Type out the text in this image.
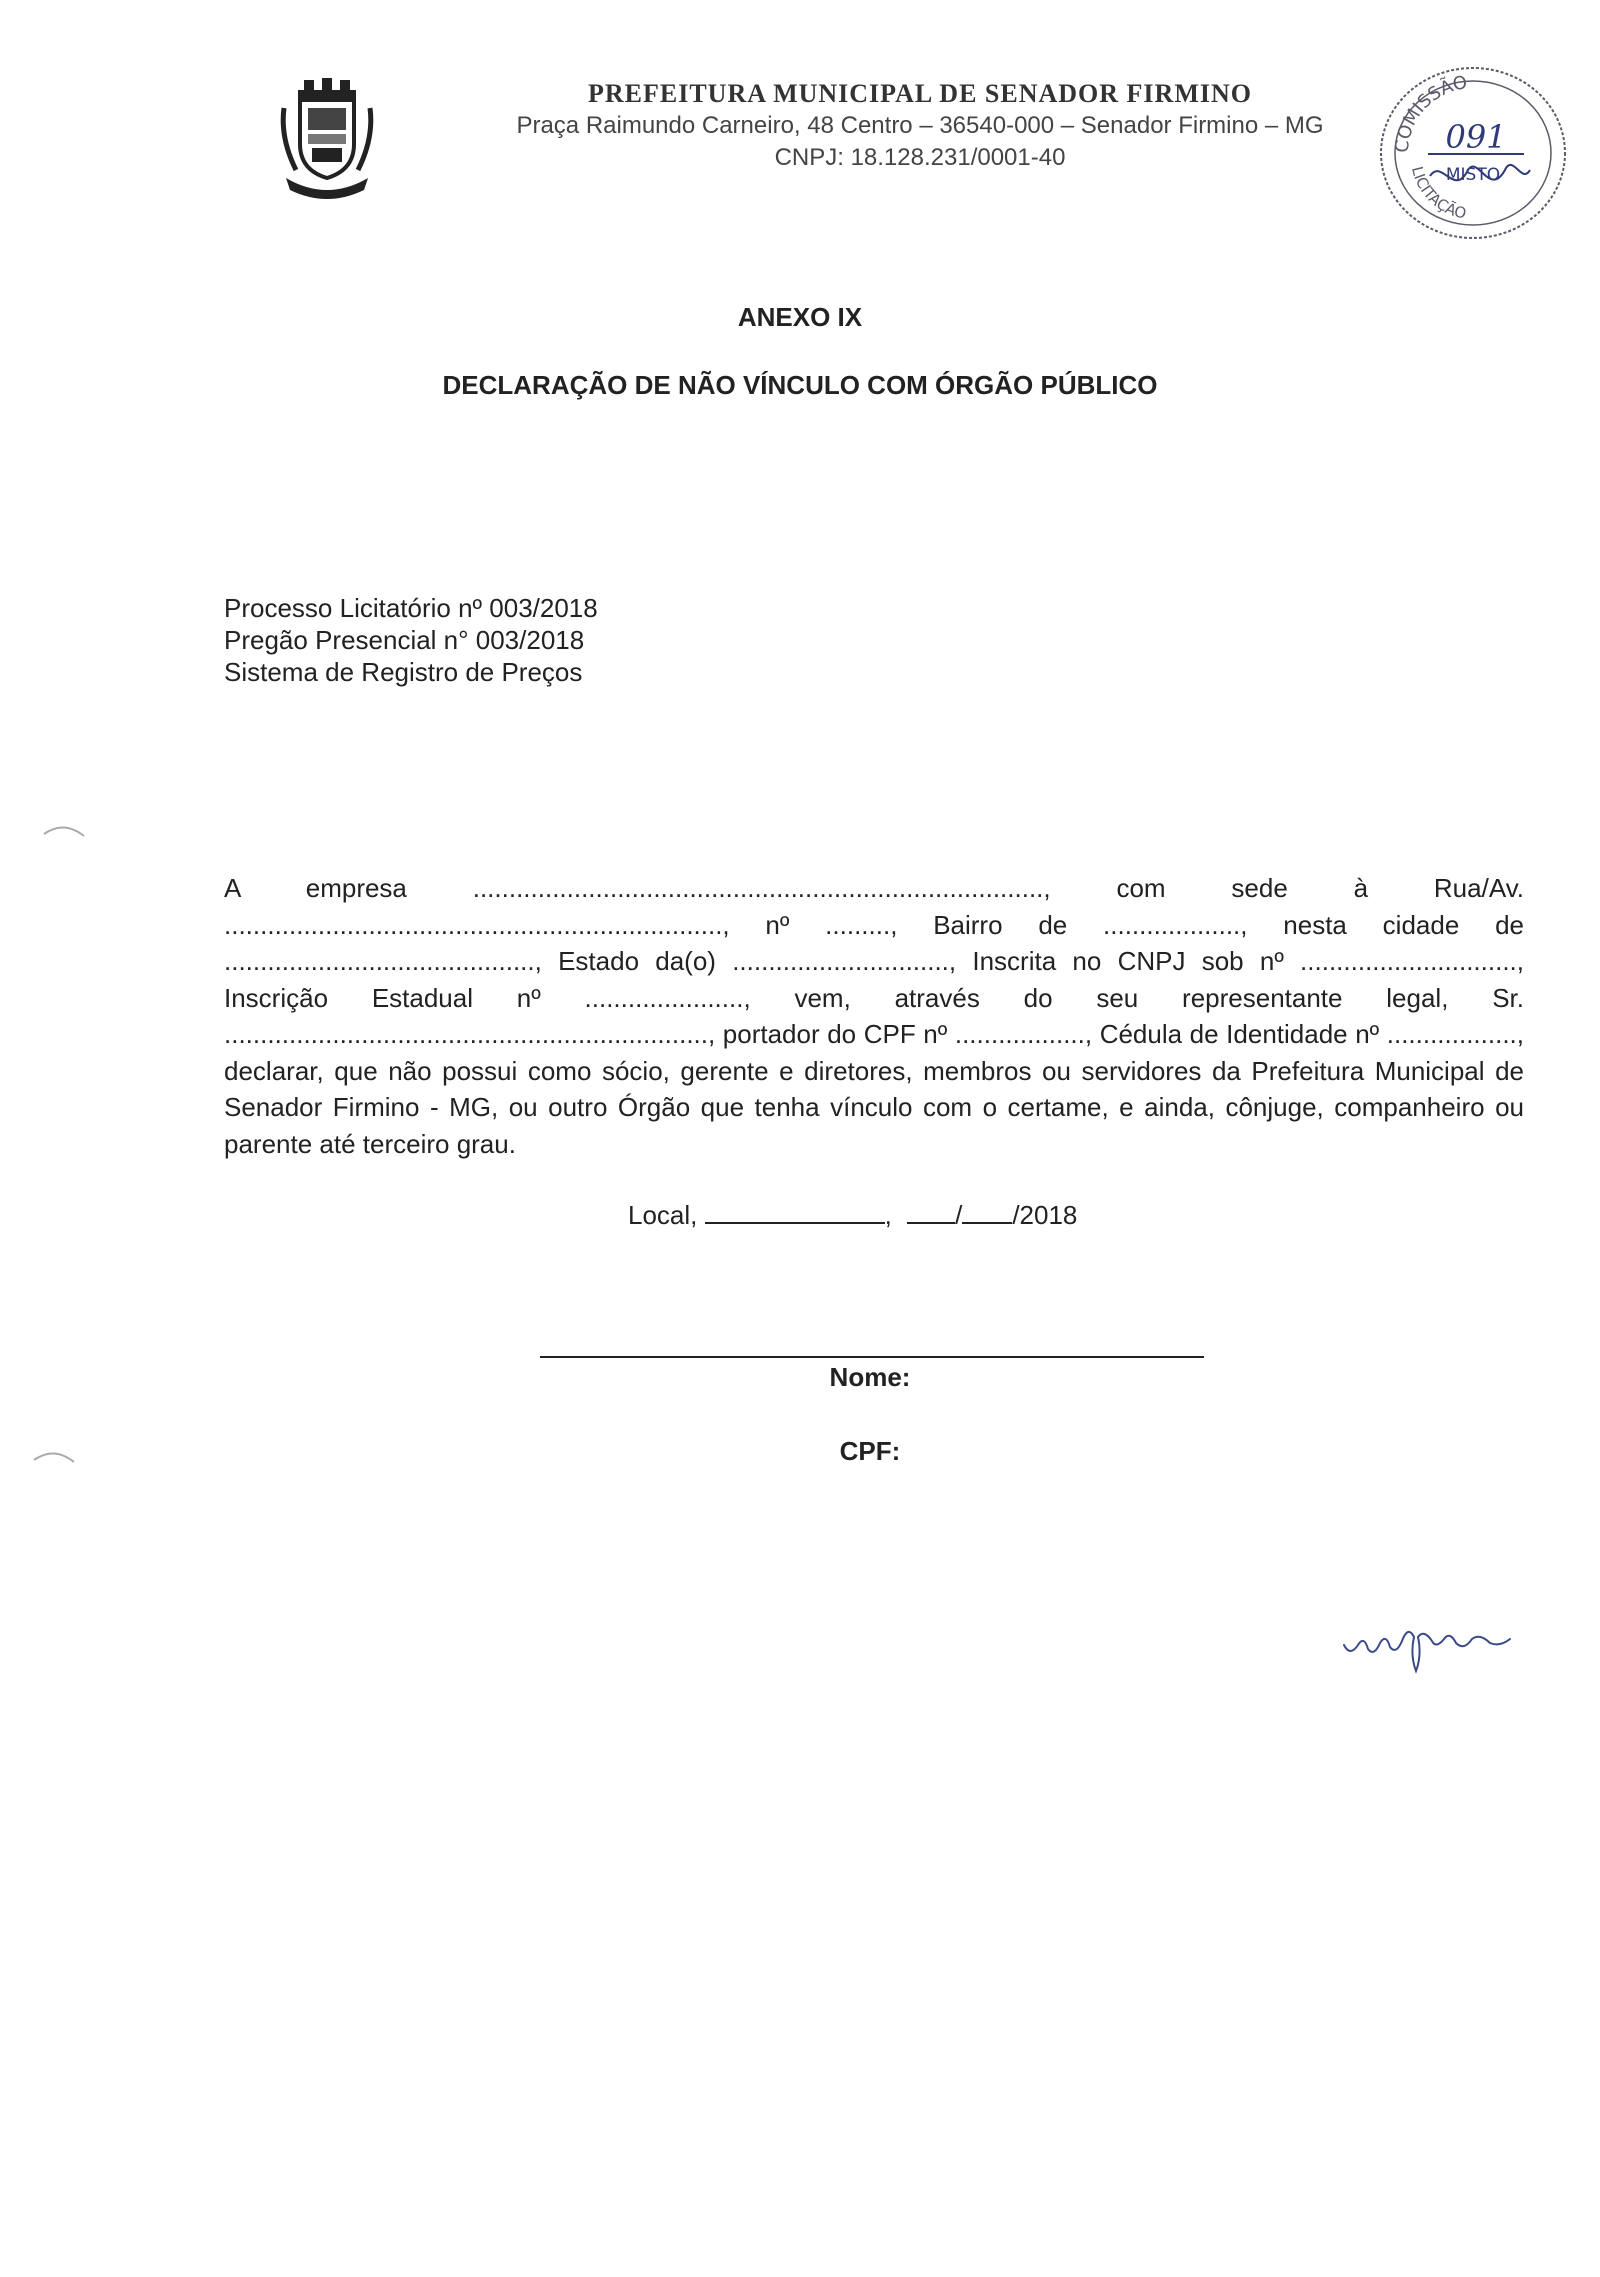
PREFEITURA MUNICIPAL DE SENADOR FIRMINO
Praça Raimundo Carneiro, 48 Centro – 36540-000 – Senador Firmino – MG
CNPJ: 18.128.231/0001-40	COMISSÃO
LICITAÇÃO
091
MISTO
ANEXO IX
DECLARAÇÃO DE NÃO VÍNCULO COM ÓRGÃO PÚBLICO
Processo Licitatório nº 003/2018
Pregão Presencial n° 003/2018
Sistema de Registro de Preços
A empresa ..............................................................................., com sede à Rua/Av. ....................................................................., nº ........., Bairro de ..................., nesta cidade de ..........................................., Estado da(o) .............................., Inscrita no CNPJ sob nº .............................., Inscrição Estadual nº ......................, vem, através do seu representante legal, Sr. ..................................................................., portador do CPF nº .................., Cédula de Identidade nº .................., declarar, que não possui como sócio, gerente e diretores, membros ou servidores da Prefeitura Municipal de Senador Firmino - MG, ou outro Órgão que tenha vínculo com o certame, e ainda, cônjuge, companheiro ou parente até terceiro grau.
Local,	, / /2018
Nome:
CPF:
